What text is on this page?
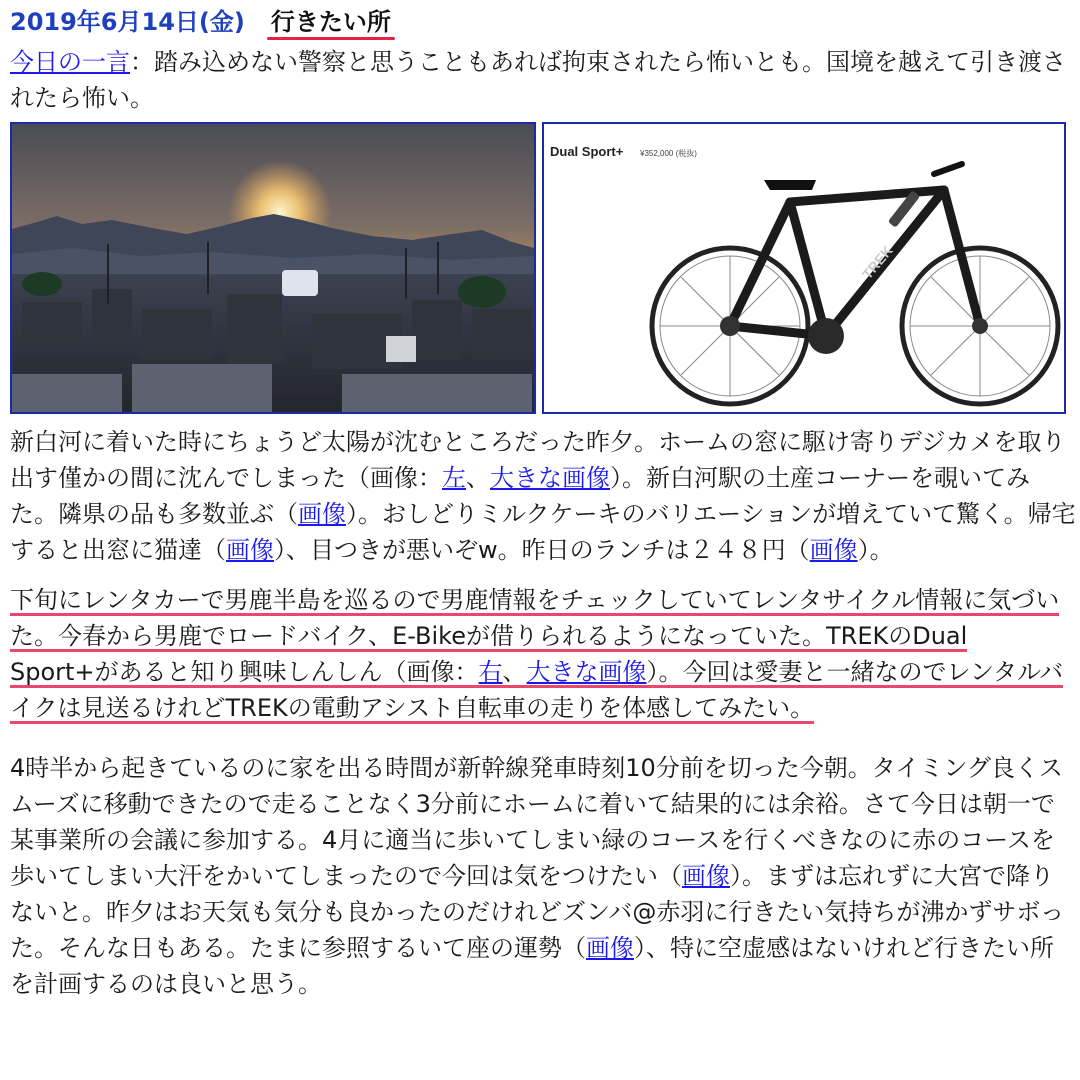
2019年6月14日(金) 行きたい所

今日の一言：踏み込めない警察と思うこともあれば拘束されたら怖いとも。国境を越えて引き渡されたら怖い。

Dual Sport+ ¥352,000 (税抜)
TREK

新白河に着いた時にちょうど太陽が沈むところだった昨夕。ホームの窓に駆け寄りデジカメを取り出す僅かの間に沈んでしまった（画像：左、大きな画像）。新白河駅の土産コーナーを覗いてみた。隣県の品も多数並ぶ（画像）。おしどりミルクケーキのバリエーションが増えていて驚く。帰宅すると出窓に猫達（画像）、目つきが悪いぞw。昨日のランチは２４８円（画像）。

下旬にレンタカーで男鹿半島を巡るので男鹿情報をチェックしていてレンタサイクル情報に気づいた。今春から男鹿でロードバイク、E-Bikeが借りられるようになっていた。TREKのDual Sport+があると知り興味しんしん（画像：右、大きな画像）。今回は愛妻と一緒なのでレンタルバイクは見送るけれどTREKの電動アシスト自転車の走りを体感してみたい。

4時半から起きているのに家を出る時間が新幹線発車時刻10分前を切った今朝。タイミング良くスムーズに移動できたので走ることなく3分前にホームに着いて結果的には余裕。さて今日は朝一で某事業所の会議に参加する。4月に適当に歩いてしまい緑のコースを行くべきなのに赤のコースを歩いてしまい大汗をかいてしまったので今回は気をつけたい（画像）。まずは忘れずに大宮で降りないと。昨夕はお天気も気分も良かったのだけれどズンバ@赤羽に行きたい気持ちが沸かずサボった。そんな日もある。たまに参照するいて座の運勢（画像）、特に空虚感はないけれど行きたい所を計画するのは良いと思う。
